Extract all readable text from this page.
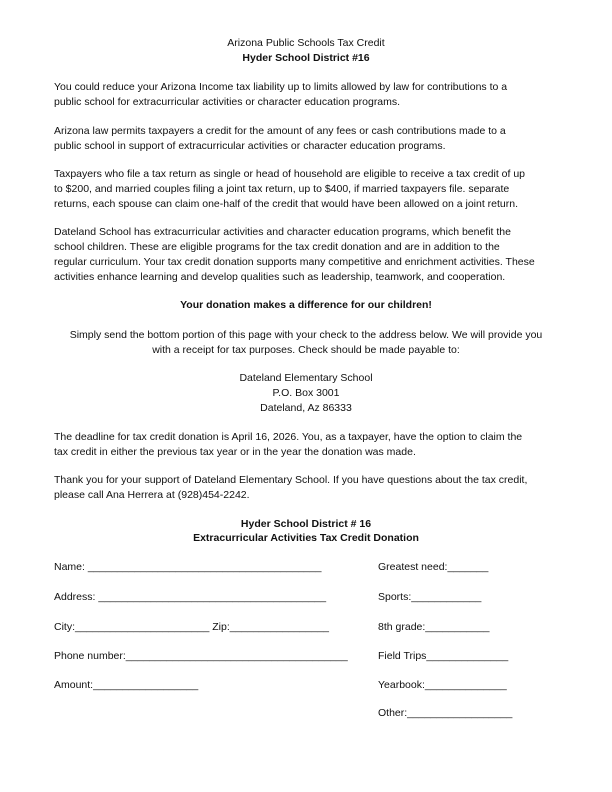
Arizona Public Schools Tax Credit
Hyder School District #16
You could reduce your Arizona Income tax liability up to limits allowed by law for contributions to a
public school for extracurricular activities or character education programs.
Arizona law permits taxpayers a credit for the amount of any fees or cash contributions made to a
public school in support of extracurricular activities or character education programs.
Taxpayers who file a tax return as single or head of household are eligible to receive a tax credit of up
to $200, and married couples filing a joint tax return, up to $400, if married taxpayers file. separate
returns, each spouse can claim one-half of the credit that would have been allowed on a joint return.
Dateland School has extracurricular activities and character education programs, which benefit the
school children. These are eligible programs for the tax credit donation and are in addition to the
regular curriculum. Your tax credit donation supports many competitive and enrichment activities. These
activities enhance learning and develop qualities such as leadership, teamwork, and cooperation.
Your donation makes a difference for our children!
Simply send the bottom portion of this page with your check to the address below. We will provide you
with a receipt for tax purposes. Check should be made payable to:
Dateland Elementary School
P.O. Box 3001
Dateland, Az 86333
The deadline for tax credit donation is April 16, 2026. You, as a taxpayer, have the option to claim the
tax credit in either the previous tax year or in the year the donation was made.
Thank you for your support of Dateland Elementary School. If you have questions about the tax credit,
please call Ana Herrera at (928)454-2242.
Hyder School District # 16
Extracurricular Activities Tax Credit Donation
Name: ________________________________________
Address: _______________________________________
City:_______________________ Zip:_________________
Phone number:______________________________________
Amount:__________________
Greatest need:_______
Sports:____________
8th grade:___________
Field Trips______________
Yearbook:______________
Other:__________________
